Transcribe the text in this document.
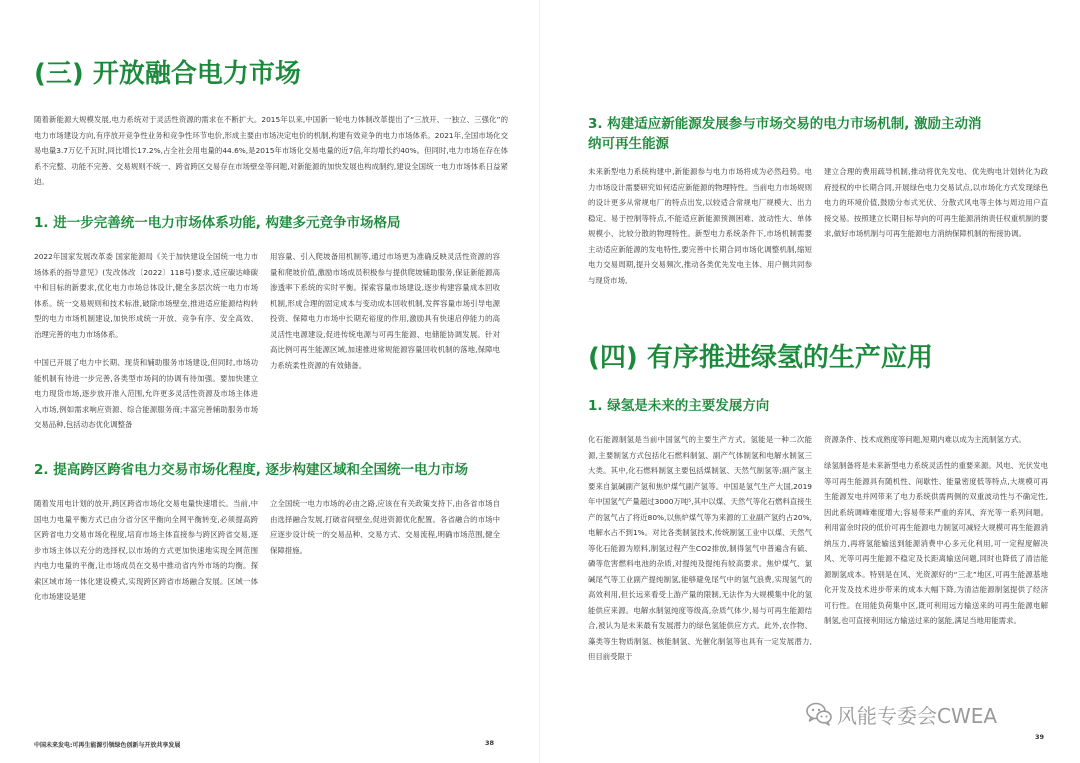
(三) 开放融合电力市场

随着新能源大规模发展,电力系统对于灵活性资源的需求在不断扩大。2015年以来,中国新一轮电力体制改革提出了“三放开、一独立、三强化”的电力市场建设方向,有序放开竞争性业务和竞争性环节电价,形成主要由市场决定电价的机制,构建有效竞争的电力市场体系。2021年,全国市场化交易电量3.7万亿千瓦时,同比增长17.2%,占全社会用电量的44.6%,是2015年市场化交易电量的近7倍,年均增长约40%。但同时,电力市场在存在体系不完整、功能不完善、交易规则不统一、跨省跨区交易存在市场壁垒等问题,对新能源的加快发展也构成制约,建设全国统一电力市场体系日益紧迫。

1. 进一步完善统一电力市场体系功能, 构建多元竞争市场格局

2022年国家发展改革委 国家能源局《关于加快建设全国统一电力市场体系的指导意见》(发改体改〔2022〕118号)要求,适应碳达峰碳中和目标的新要求,优化电力市场总体设计,健全多层次统一电力市场体系。统一交易规则和技术标准,破除市场壁垒,推进适应能源结构转型的电力市场机制建设,加快形成统一开放、竞争有序、安全高效、治理完善的电力市场体系。

中国已开展了电力中长期、现货和辅助服务市场建设,但同时,市场功能机制有待进一步完善,各类型市场间的协调有待加强。要加快建立电力现货市场,逐步放开准入范围,允许更多灵活性资源及市场主体进入市场,例如需求响应资源、综合能源服务商;丰富完善辅助服务市场交易品种,包括动态优化调整备

用容量、引入爬坡备用机制等,通过市场更为准确反映灵活性资源的容量和爬坡价值,激励市场成员积极参与提供爬坡辅助服务,保证新能源高渗透率下系统的实时平衡。探索容量市场建设,逐步构建容量成本回收机制,形成合理的固定成本与变动成本回收机制,发挥容量市场引导电源投资、保障电力市场中长期充裕度的作用,激励具有快速启停能力的高灵活性电源建设,促进传统电源与可再生能源、电储能协调发展。针对高比例可再生能源区域,加速推进常规能源容量回收机制的落地,保障电力系统柔性资源的有效储备。

2. 提高跨区跨省电力交易市场化程度, 逐步构建区域和全国统一电力市场

随着发用电计划的放开,跨区跨省市场化交易电量快速增长。当前,中国电力电量平衡方式已由分省分区平衡向全网平衡转变,必须提高跨区跨省电力交易市场化程度,培育市场主体直接参与跨区跨省交易,逐步市场主体以充分的选择权,以市场的方式更加快速地实现全网范围内电力电量的平衡,让市场成员在交易中推动省内外市场的均衡。探索区域市场一体化建设模式,实现跨区跨省市场融合发展。区域一体化市场建设是建

立全国统一电力市场的必由之路,应该在有关政策支持下,由各省市场自由选择融合发展,打破省间壁垒,促进资源优化配置。各省融合的市场中应逐步设计统一的交易品种、交易方式、交易流程,明确市场范围,健全保障措施。

中国未来发电:可再生能源引领绿色创新与开放共享发展	38

3. 构建适应新能源发展参与市场交易的电力市场机制, 激励主动消纳可再生能源

未来新型电力系统构建中,新能源参与电力市场将成为必然趋势。电力市场设计需要研究如何适应新能源的物理特性。当前电力市场规则的设计更多从常规电厂的特点出发,以较适合常规电厂规模大、出力稳定、易于控制等特点,不能适应新能源预测困难、波动性大、单体规模小、比较分散的物理特性。新型电力系统条件下,市场机制需要主动适应新能源的发电特性,要完善中长期合同市场化调整机制,缩短电力交易周期,提升交易频次,推动各类优先发电主体、用户侧共同参与现货市场,

建立合理的费用疏导机制,推动将优先发电、优先购电计划转化为政府授权的中长期合同,开展绿色电力交易试点,以市场化方式发现绿色电力的环境价值,鼓励分布式光伏、分散式风电等主体与周边用户直接交易。按照建立长期目标导向的可再生能源消纳责任权重机制的要求,做好市场机制与可再生能源电力消纳保障机制的衔接协调。

(四) 有序推进绿氢的生产应用
1. 绿氢是未来的主要发展方向

化石能源制氢是当前中国氢气的主要生产方式。氢能是一种二次能源,主要制氢方式包括化石燃料制氢、副产气体制氢和电解水制氢三大类。其中,化石燃料制氢主要包括煤制氢、天然气制氢等;副产氢主要来自氯碱副产氢和焦炉煤气副产氢等。中国是氢气生产大国,2019年中国氢气产量超过3000万吨⁵,其中以煤、天然气等化石燃料直接生产的氢气占了将近80%,以焦炉煤气等为来源的工业副产氢约占20%,电解水占不到1%。对比各类制氢技术,传统制氢工业中以煤、天然气等化石能源为原料,制氢过程产生CO2排放,制得氢气中普遍含有硫、磷等危害燃料电池的杂质,对提纯及提纯有较高要求。焦炉煤气、氯碱尾气等工业副产提纯制氢,能够避免尾气中的氢气浪费,实现氢气的高效利用,但长远来看受上游产量的限制,无法作为大规模集中化的氢能供应来源。电解水制氢纯度等级高,杂质气体少,易与可再生能源结合,被认为是未来最有发展潜力的绿色氢能供应方式。此外,农作物、藻类等生物质制氢、核能制氢、光催化制氢等也具有一定发展潜力,但目前受限于

资源条件、技术成熟度等问题,短期内难以成为主流制氢方式。

绿氢制备将是未来新型电力系统灵活性的重要来源。风电、光伏发电等可再生能源具有随机性、间歇性、能量密度低等特点,大规模可再生能源发电并网带来了电力系统供需两侧的双重波动性与不确定性,因此系统调峰难度增大;容易带来严重的弃风、弃光等一系列问题。利用富余时段的低价可再生能源电力制氢可减轻大规模可再生能源消纳压力,再将氢能输送到能源消费中心多元化利用,可一定程度解决风、光等可再生能源不稳定及长距离输送问题,同时也降低了清洁能源制氢成本。特别是在风、光资源好的“三北”地区,可再生能源基地化开发及技术进步带来的成本大幅下降,为清洁能源制氢提供了经济可行性。在用能负荷集中区,既可利用远方输送来的可再生能源电解制氢,也可直接利用远方输送过来的氢能,满足当地用能需求。

39

风能专委会CWEA
